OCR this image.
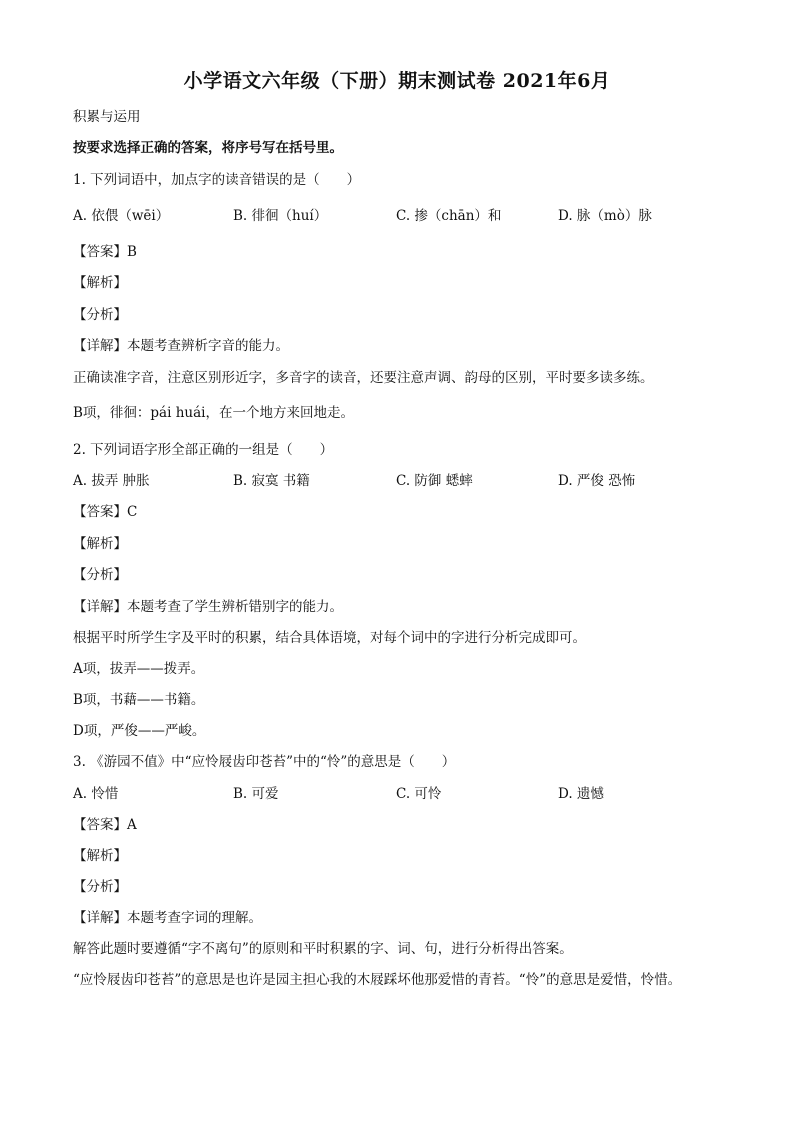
小学语文六年级（下册）期末测试卷 2021年6月
积累与运用
按要求选择正确的答案，将序号写在括号里。
1. 下列词语中，加点字的读音错误的是（　　）
A. 依偎（wēi）	B. 徘徊（huí）	C. 掺（chān）和	D. 脉（mò）脉
【答案】B
【解析】
【分析】
【详解】本题考查辨析字音的能力。
正确读准字音，注意区别形近字，多音字的读音，还要注意声调、韵母的区别，平时要多读多练。
B项，徘徊：pái huái，在一个地方来回地走。
2. 下列词语字形全部正确的一组是（　　）
A. 拔弄 肿胀	B. 寂寞 书籍	C. 防御 蟋蟀	D. 严俊 恐怖
【答案】C
【解析】
【分析】
【详解】本题考查了学生辨析错别字的能力。
根据平时所学生字及平时的积累，结合具体语境，对每个词中的字进行分析完成即可。
A项，拔弄——拨弄。
B项，书藉——书籍。
D项，严俊——严峻。
3. 《游园不值》中“应怜屐齿印苍苔”中的“怜”的意思是（　　）
A. 怜惜	B. 可爱	C. 可怜	D. 遗憾
【答案】A
【解析】
【分析】
【详解】本题考查字词的理解。
解答此题时要遵循“字不离句”的原则和平时积累的字、词、句，进行分析得出答案。
“应怜屐齿印苍苔”的意思是也许是园主担心我的木屐踩坏他那爱惜的青苔。“怜”的意思是爱惜，怜惜。
